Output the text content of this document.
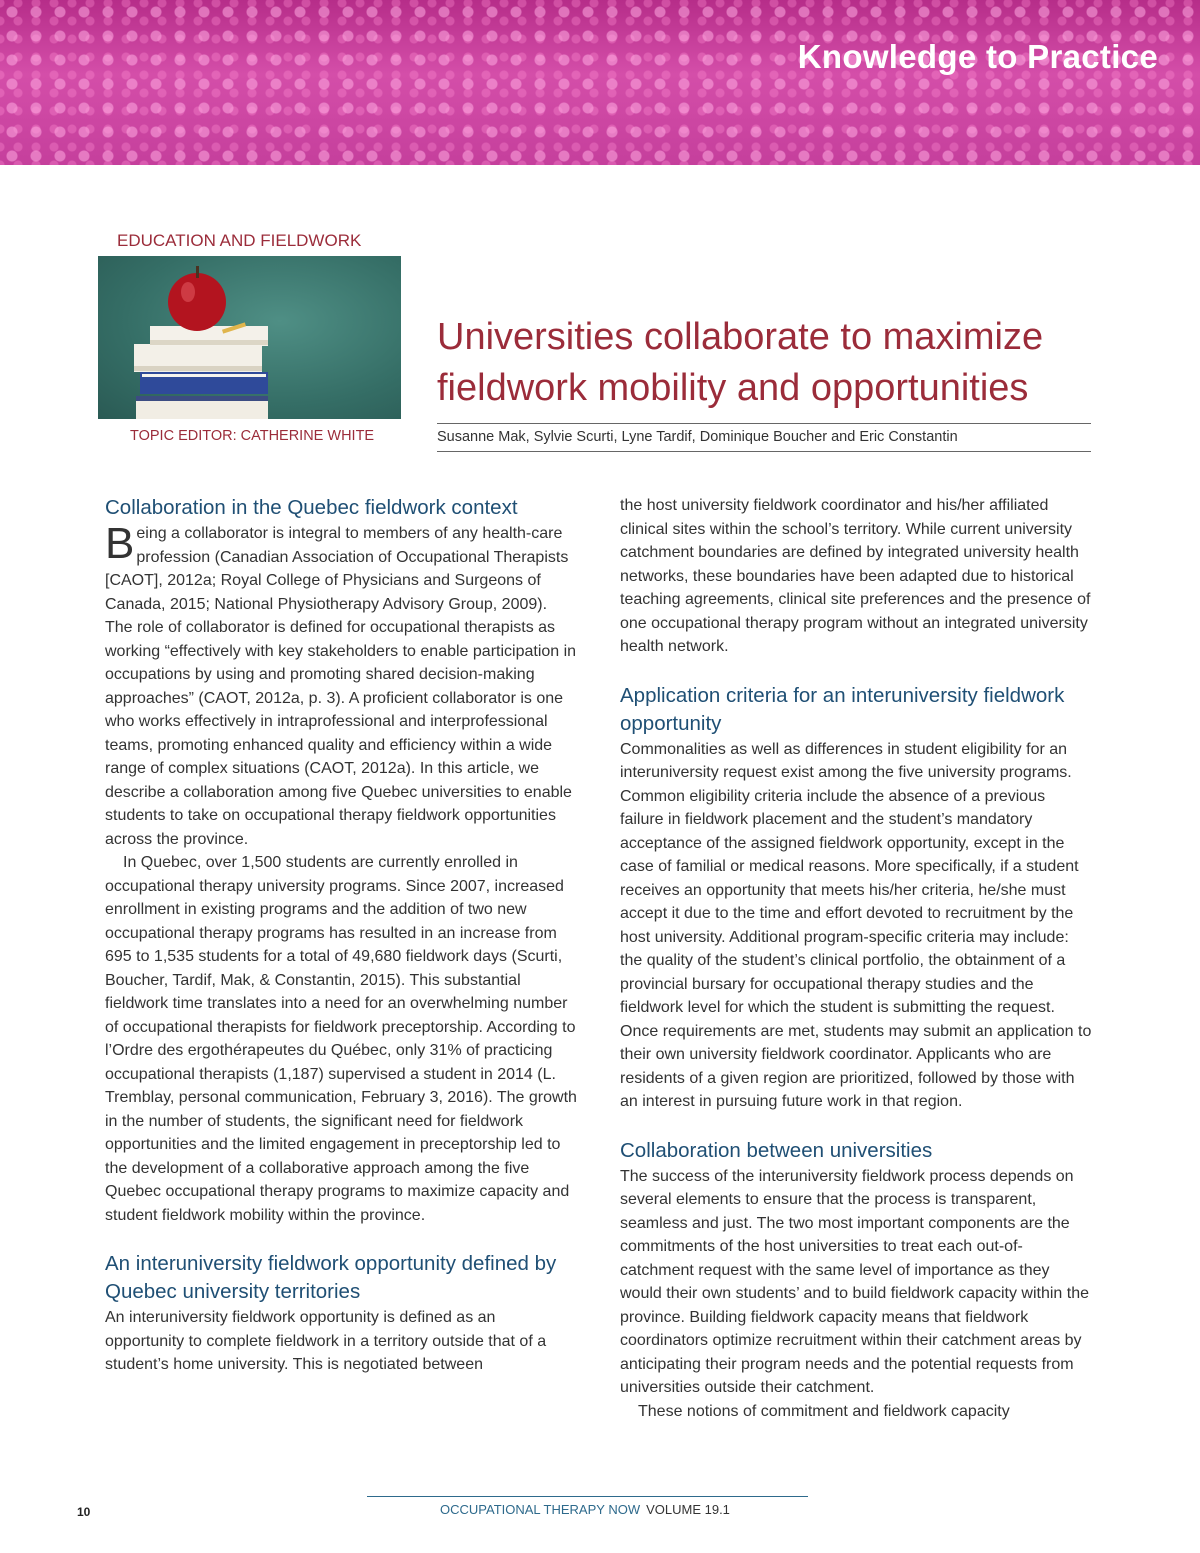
Knowledge to Practice
EDUCATION AND FIELDWORK
TOPIC EDITOR: CATHERINE WHITE
Universities collaborate to maximize fieldwork mobility and opportunities
Susanne Mak, Sylvie Scurti, Lyne Tardif, Dominique Boucher and Eric Constantin
Collaboration in the Quebec fieldwork context

Being a collaborator is integral to members of any health-care profession (Canadian Association of Occupational Therapists [CAOT], 2012a; Royal College of Physicians and Surgeons of Canada, 2015; National Physiotherapy Advisory Group, 2009). The role of collaborator is defined for occupational therapists as working “effectively with key stakeholders to enable participation in occupations by using and promoting shared decision-making approaches” (CAOT, 2012a, p. 3). A proficient collaborator is one who works effectively in intraprofessional and interprofessional teams, promoting enhanced quality and efficiency within a wide range of complex situations (CAOT, 2012a). In this article, we describe a collaboration among five Quebec universities to enable students to take on occupational therapy fieldwork opportunities across the province.

In Quebec, over 1,500 students are currently enrolled in occupational therapy university programs. Since 2007, increased enrollment in existing programs and the addition of two new occupational therapy programs has resulted in an increase from 695 to 1,535 students for a total of 49,680 fieldwork days (Scurti, Boucher, Tardif, Mak, & Constantin, 2015). This substantial fieldwork time translates into a need for an overwhelming number of occupational therapists for fieldwork preceptorship. According to l’Ordre des ergothérapeutes du Québec, only 31% of practicing occupational therapists (1,187) supervised a student in 2014 (L. Tremblay, personal communication, February 3, 2016). The growth in the number of students, the significant need for fieldwork opportunities and the limited engagement in preceptorship led to the development of a collaborative approach among the five Quebec occupational therapy programs to maximize capacity and student fieldwork mobility within the province.

An interuniversity fieldwork opportunity defined by Quebec university territories

An interuniversity fieldwork opportunity is defined as an opportunity to complete fieldwork in a territory outside that of a student’s home university. This is negotiated between

the host university fieldwork coordinator and his/her affiliated clinical sites within the school’s territory. While current university catchment boundaries are defined by integrated university health networks, these boundaries have been adapted due to historical teaching agreements, clinical site preferences and the presence of one occupational therapy program without an integrated university health network.

Application criteria for an interuniversity fieldwork opportunity

Commonalities as well as differences in student eligibility for an interuniversity request exist among the five university programs. Common eligibility criteria include the absence of a previous failure in fieldwork placement and the student’s mandatory acceptance of the assigned fieldwork opportunity, except in the case of familial or medical reasons. More specifically, if a student receives an opportunity that meets his/her criteria, he/she must accept it due to the time and effort devoted to recruitment by the host university. Additional program-specific criteria may include: the quality of the student’s clinical portfolio, the obtainment of a provincial bursary for occupational therapy studies and the fieldwork level for which the student is submitting the request. Once requirements are met, students may submit an application to their own university fieldwork coordinator. Applicants who are residents of a given region are prioritized, followed by those with an interest in pursuing future work in that region.

Collaboration between universities

The success of the interuniversity fieldwork process depends on several elements to ensure that the process is transparent, seamless and just. The two most important components are the commitments of the host universities to treat each out-of-catchment request with the same level of importance as they would their own students’ and to build fieldwork capacity within the province. Building fieldwork capacity means that fieldwork coordinators optimize recruitment within their catchment areas by anticipating their program needs and the potential requests from universities outside their catchment.

These notions of commitment and fieldwork capacity

10	OCCUPATIONAL THERAPY NOW VOLUME 19.1
